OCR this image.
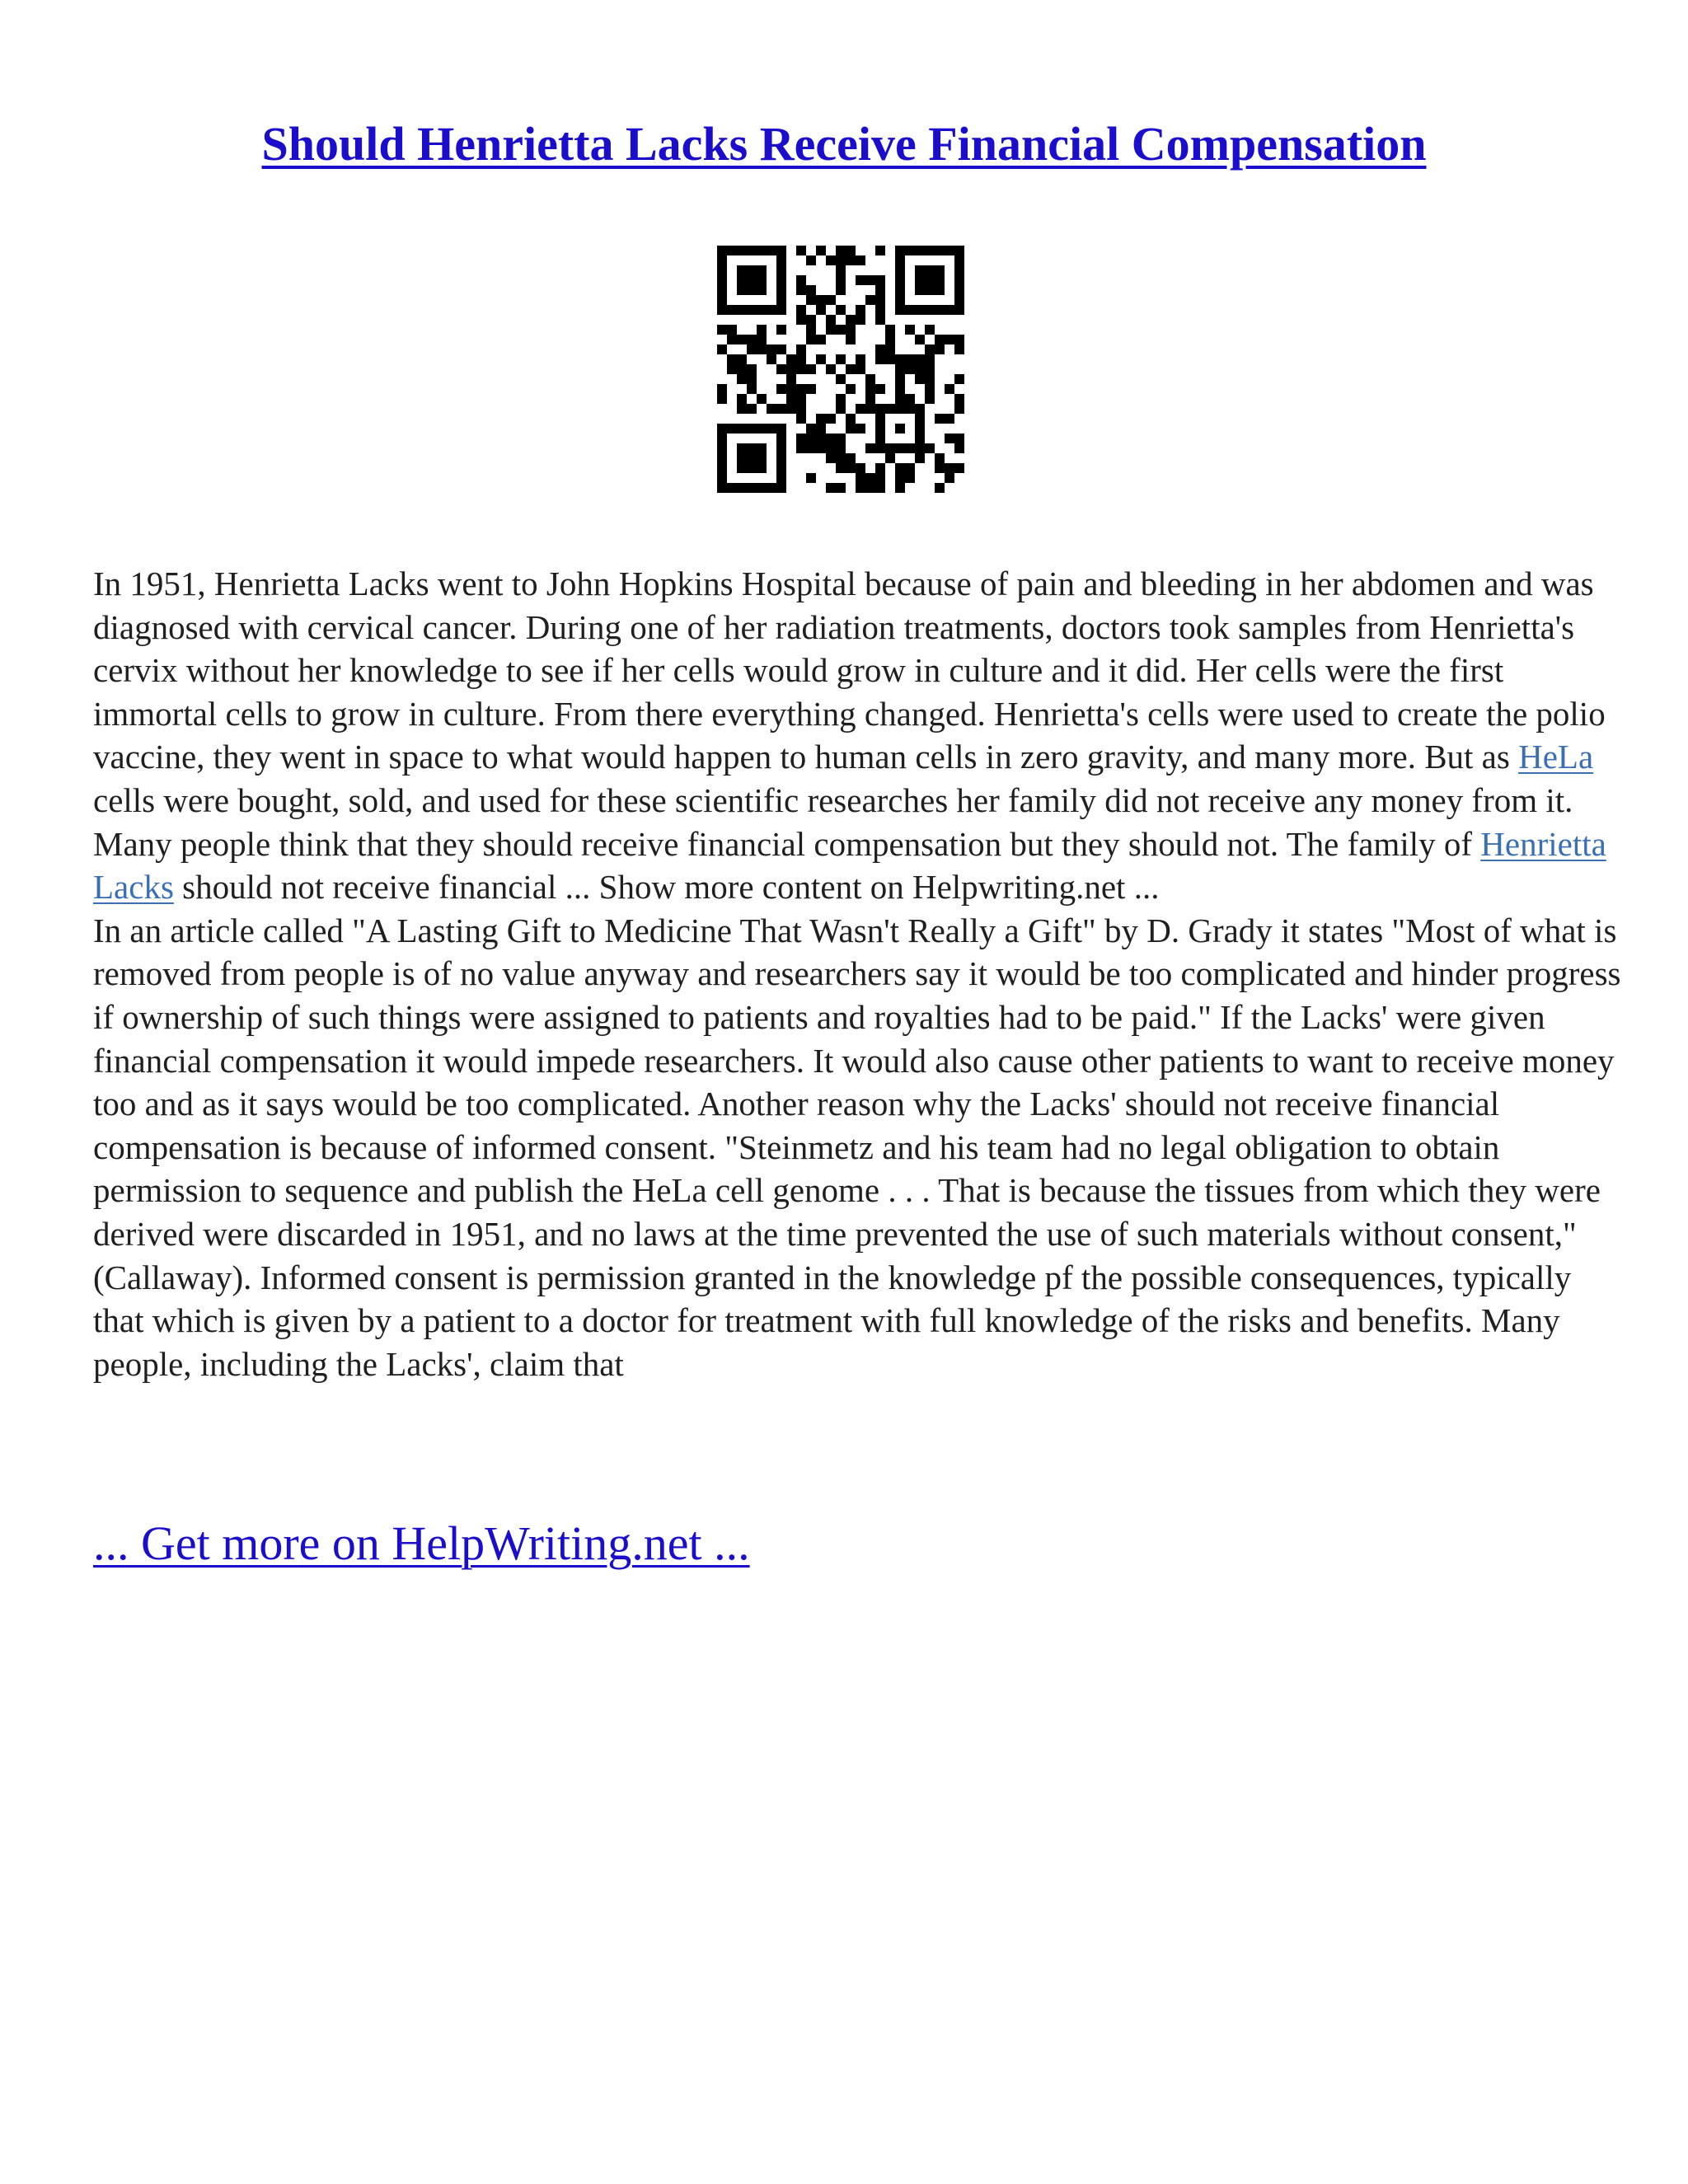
Should Henrietta Lacks Receive Financial Compensation

In 1951, Henrietta Lacks went to John Hopkins Hospital because of pain and bleeding in her abdomen and was diagnosed with cervical cancer. During one of her radiation treatments, doctors took samples from Henrietta's cervix without her knowledge to see if her cells would grow in culture and it did. Her cells were the first immortal cells to grow in culture. From there everything changed. Henrietta's cells were used to create the polio vaccine, they went in space to what would happen to human cells in zero gravity, and many more. But as HeLa cells were bought, sold, and used for these scientific researches her family did not receive any money from it. Many people think that they should receive financial compensation but they should not. The family of Henrietta Lacks should not receive financial ... Show more content on Helpwriting.net ...

In an article called "A Lasting Gift to Medicine That Wasn't Really a Gift" by D. Grady it states "Most of what is removed from people is of no value anyway and researchers say it would be too complicated and hinder progress if ownership of such things were assigned to patients and royalties had to be paid." If the Lacks' were given financial compensation it would impede researchers. It would also cause other patients to want to receive money too and as it says would be too complicated. Another reason why the Lacks' should not receive financial compensation is because of informed consent. "Steinmetz and his team had no legal obligation to obtain permission to sequence and publish the HeLa cell genome . . . That is because the tissues from which they were derived were discarded in 1951, and no laws at the time prevented the use of such materials without consent," (Callaway). Informed consent is permission granted in the knowledge pf the possible consequences, typically that which is given by a patient to a doctor for treatment with full knowledge of the risks and benefits. Many people, including the Lacks', claim that

... Get more on HelpWriting.net ...
